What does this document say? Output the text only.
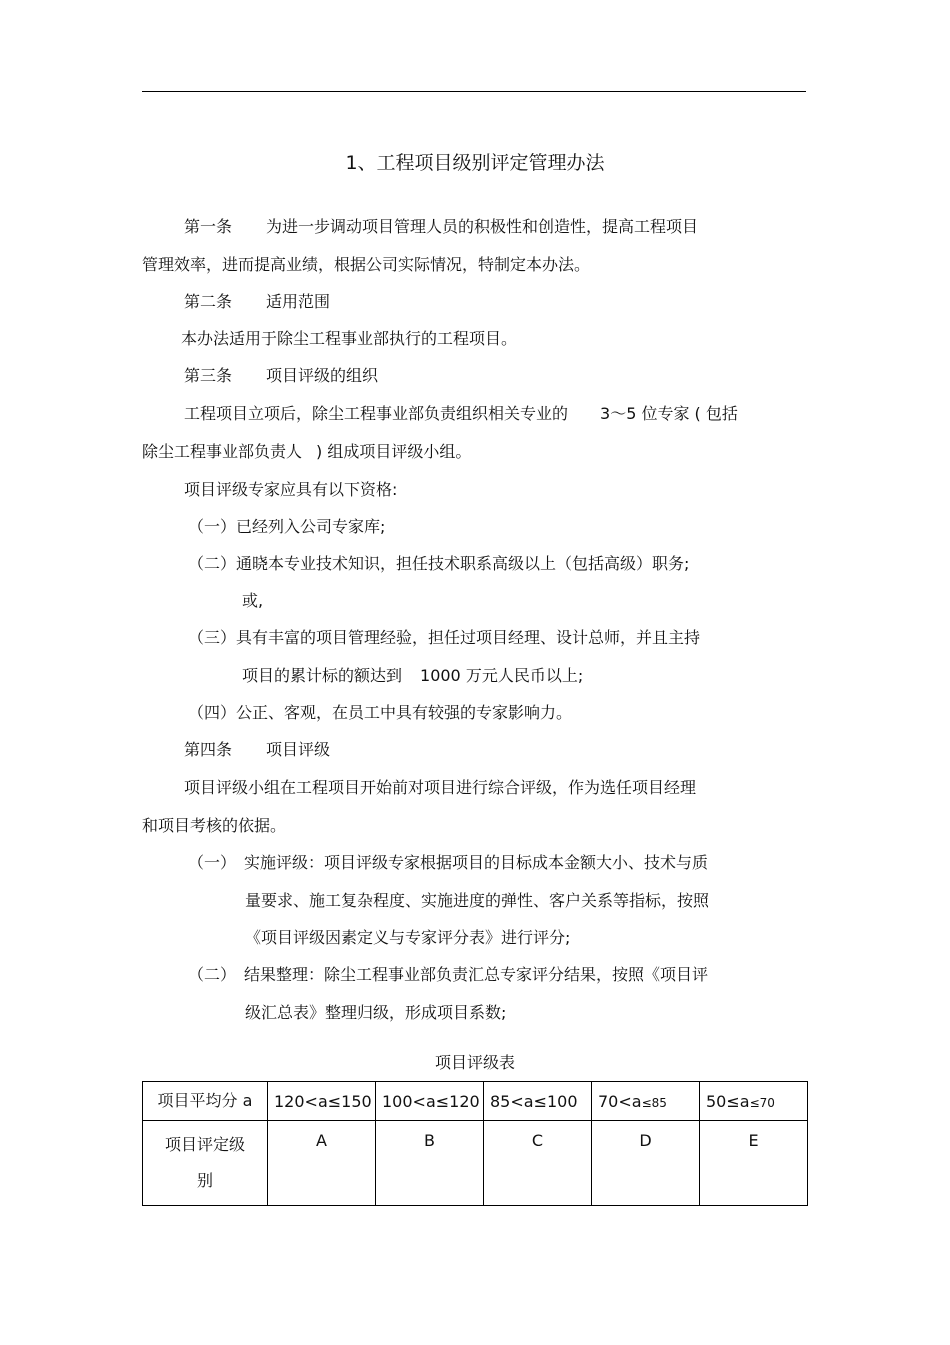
1、工程项目级别评定管理办法
第一条 为进一步调动项目管理人员的积极性和创造性，提高工程项目
管理效率，进而提高业绩，根据公司实际情况，特制定本办法。
第二条 适用范围
本办法适用于除尘工程事业部执行的工程项目。
第三条 项目评级的组织
工程项目立项后，除尘工程事业部负责组织相关专业的 3～5 位专家 ( 包括
除尘工程事业部负责人 ) 组成项目评级小组。
项目评级专家应具有以下资格:
（一）已经列入公司专家库;
（二）通晓本专业技术知识，担任技术职系高级以上（包括高级）职务;
或,
（三）具有丰富的项目管理经验，担任过项目经理、设计总师，并且主持
项目的累计标的额达到 1000 万元人民币以上;
（四）公正、客观，在员工中具有较强的专家影响力。
第四条 项目评级
项目评级小组在工程项目开始前对项目进行综合评级，作为选任项目经理
和项目考核的依据。
（一） 实施评级：项目评级专家根据项目的目标成本金额大小、技术与质
量要求、施工复杂程度、实施进度的弹性、客户关系等指标，按照
《项目评级因素定义与专家评分表》进行评分;
（二） 结果整理：除尘工程事业部负责汇总专家评分结果，按照《项目评
级汇总表》整理归级，形成项目系数;
项目评级表
项目平均分 a	120<a≤150	100<a≤120	85<a≤100	70<a≤85	50≤a≤70

项目评定级
别	A	B	C	D	E
